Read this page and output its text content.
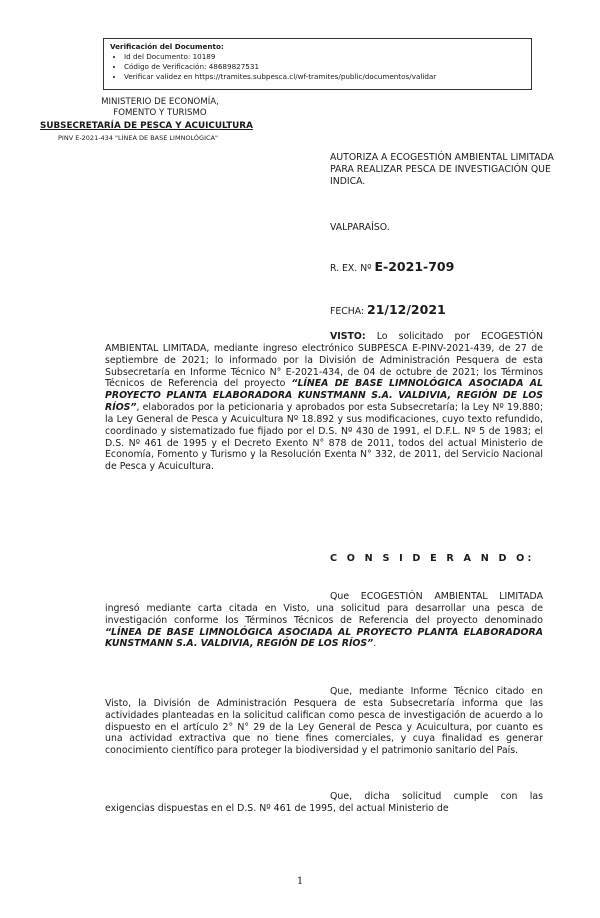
Verificación del Documento:
• Id del Documento: 10189
• Código de Verificación: 48689827531
• Verificar validez en https://tramites.subpesca.cl/wf-tramites/public/documentos/validar
MINISTERIO DE ECONOMÍA,
FOMENTO Y TURISMO
SUBSECRETARÍA DE PESCA Y ACUICULTURA
PINV E-2021-434 "LÍNEA DE BASE LIMNOLÓGICA"
AUTORIZA A ECOGESTIÓN AMBIENTAL LIMITADA PARA REALIZAR PESCA DE INVESTIGACIÓN QUE INDICA.
VALPARAÍSO.
R. EX. Nº E-2021-709
FECHA: 21/12/2021
VISTO: Lo solicitado por ECOGESTIÓN AMBIENTAL LIMITADA, mediante ingreso electrónico SUBPESCA E-PINV-2021-439, de 27 de septiembre de 2021; lo informado por la División de Administración Pesquera de esta Subsecretaría en Informe Técnico N° E-2021-434, de 04 de octubre de 2021; los Términos Técnicos de Referencia del proyecto “LÍNEA DE BASE LIMNOLÓGICA ASOCIADA AL PROYECTO PLANTA ELABORADORA KUNSTMANN S.A. VALDIVIA, REGIÓN DE LOS RÍOS”, elaborados por la peticionaria y aprobados por esta Subsecretaría; la Ley Nº 19.880; la Ley General de Pesca y Acuicultura Nº 18.892 y sus modificaciones, cuyo texto refundido, coordinado y sistematizado fue fijado por el D.S. Nº 430 de 1991, el D.F.L. Nº 5 de 1983; el D.S. Nº 461 de 1995 y el Decreto Exento N° 878 de 2011, todos del actual Ministerio de Economía, Fomento y Turismo y la Resolución Exenta N° 332, de 2011, del Servicio Nacional de Pesca y Acuicultura.
C O N S I D E R A N D O:
Que ECOGESTIÓN AMBIENTAL LIMITADA ingresó mediante carta citada en Visto, una solicitud para desarrollar una pesca de investigación conforme los Términos Técnicos de Referencia del proyecto denominado “LÍNEA DE BASE LIMNOLÓGICA ASOCIADA AL PROYECTO PLANTA ELABORADORA KUNSTMANN S.A. VALDIVIA, REGIÓN DE LOS RÍOS”.
Que, mediante Informe Técnico citado en Visto, la División de Administración Pesquera de esta Subsecretaría informa que las actividades planteadas en la solicitud califican como pesca de investigación de acuerdo a lo dispuesto en el artículo 2° N° 29 de la Ley General de Pesca y Acuicultura, por cuanto es una actividad extractiva que no tiene fines comerciales, y cuya finalidad es generar conocimiento científico para proteger la biodiversidad y el patrimonio sanitario del País.
Que, dicha solicitud cumple con las exigencias dispuestas en el D.S. Nº 461 de 1995, del actual Ministerio de
1
